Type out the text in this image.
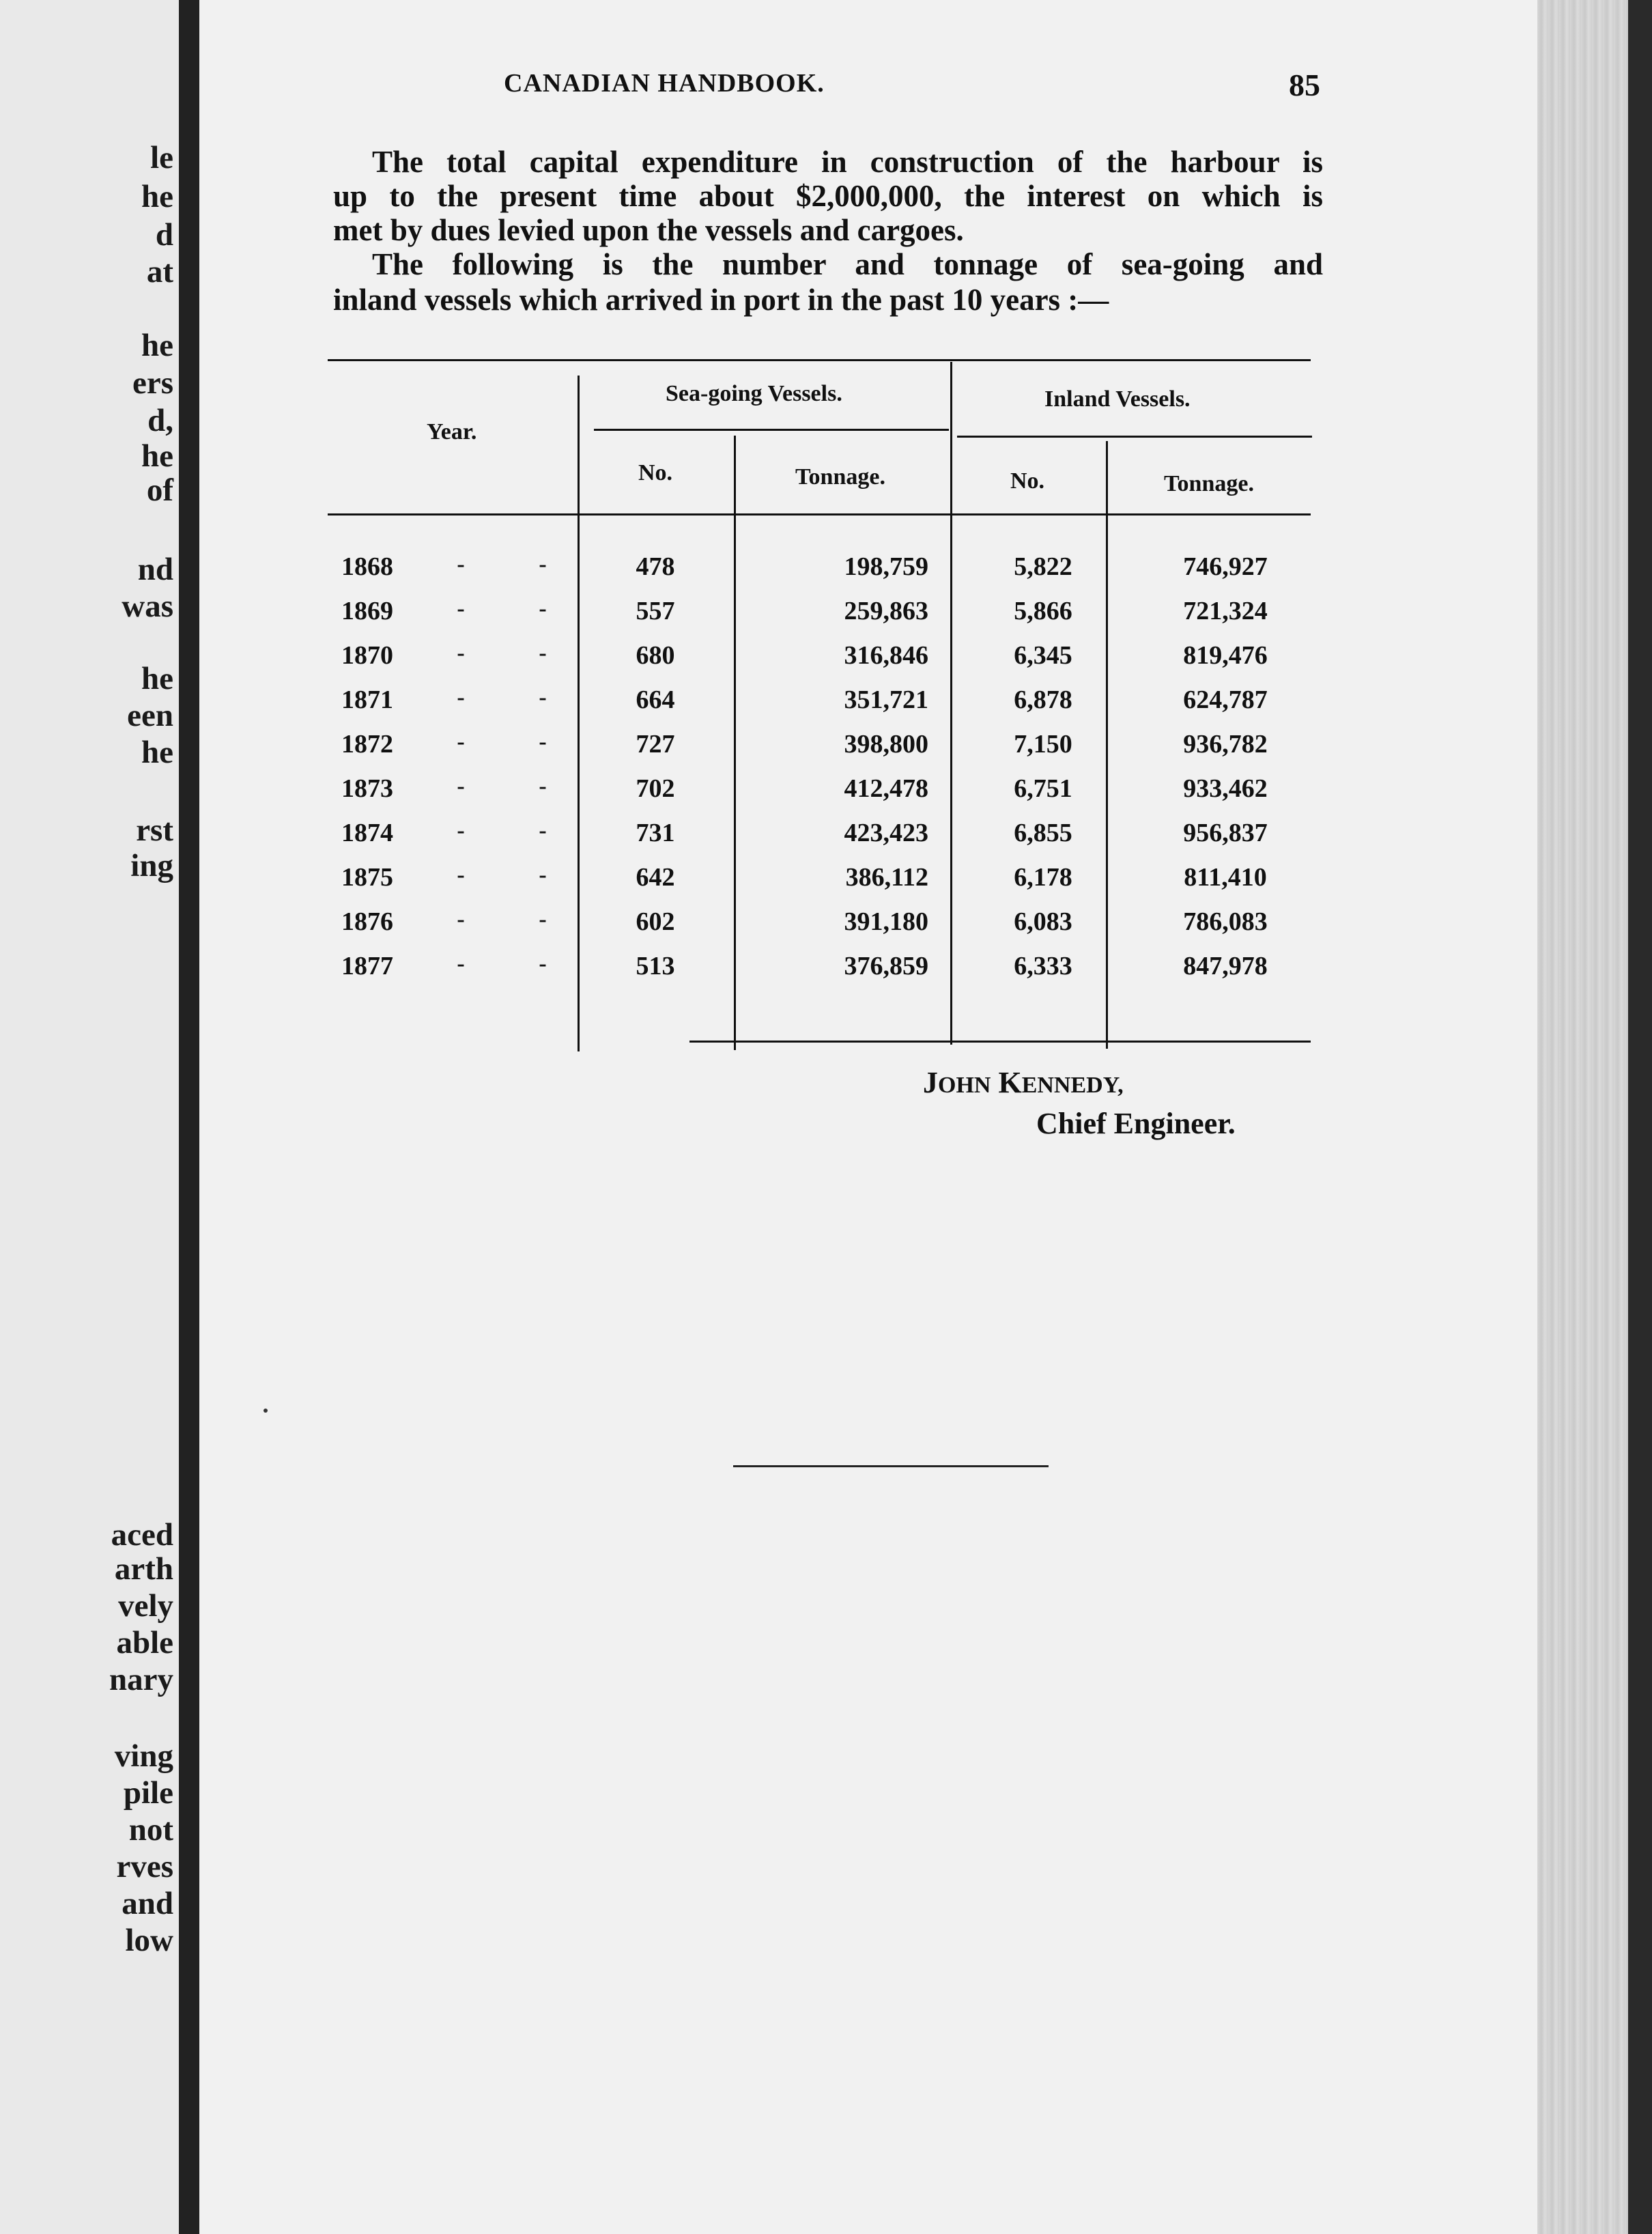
le
he
d
at
he
ers
d,
he
of
nd
was
he
een
he
rst
ing
aced
arth
vely
able
nary
ving
pile
not
rves
and
low
CANADIAN HANDBOOK.	85
The total capital expenditure in construction of the harbour is
up to the present time about $2,000,000, the interest on which is
met by dues levied upon the vessels and cargoes.
The following is the number and tonnage of sea-going and
inland vessels which arrived in port in the past 10 years :—
Year.
Sea-going Vessels.	Inland Vessels.
No.	Tonnage.	No.	Tonnage.
1868	-	-	478	198,759	5,822	746,927
1869	-	-	557	259,863	5,866	721,324
1870	-	-	680	316,846	6,345	819,476
1871	-	-	664	351,721	6,878	624,787
1872	-	-	727	398,800	7,150	936,782
1873	-	-	702	412,478	6,751	933,462
1874	-	-	731	423,423	6,855	956,837
1875	-	-	642	386,112	6,178	811,410
1876	-	-	602	391,180	6,083	786,083
1877	-	-	513	376,859	6,333	847,978
JOHN KENNEDY,
Chief Engineer.
